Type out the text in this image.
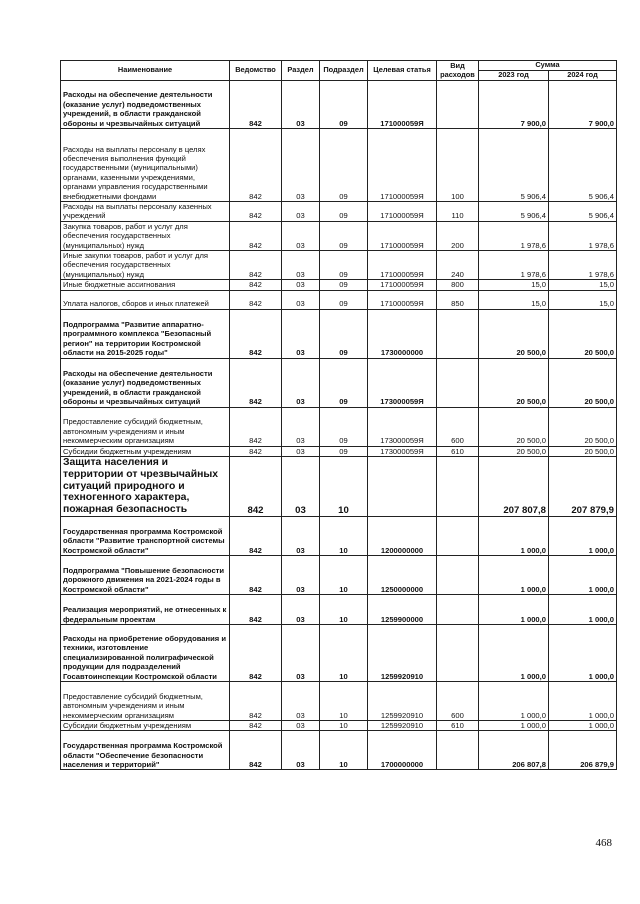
Наименование	Ведомство	Раздел	Подраздел	Целевая статья	Вид расходов	Сумма	
						2023 год	2024 год
Расходы на обеспечение деятельности (оказание услуг) подведомственных учреждений, в области гражданской обороны и чрезвычайных ситуаций	842	03	09	171000059Я		7 900,0	7 900,0
Расходы на выплаты персоналу в целях обеспечения выполнения функций государственными (муниципальными) органами, казенными учреждениями, органами управления государственными внебюджетными фондами	842	03	09	171000059Я	100	5 906,4	5 906,4
Расходы на выплаты персоналу казенных учреждений	842	03	09	171000059Я	110	5 906,4	5 906,4
Закупка товаров, работ и услуг для обеспечения государственных (муниципальных) нужд	842	03	09	171000059Я	200	1 978,6	1 978,6
Иные закупки товаров, работ и услуг для обеспечения государственных (муниципальных) нужд	842	03	09	171000059Я	240	1 978,6	1 978,6
Иные бюджетные ассигнования	842	03	09	171000059Я	800	15,0	15,0
Уплата налогов, сборов и иных платежей	842	03	09	171000059Я	850	15,0	15,0
Подпрограмма "Развитие аппаратно-программного комплекса "Безопасный регион" на территории Костромской области на 2015-2025 годы"	842	03	09	1730000000		20 500,0	20 500,0
Расходы на обеспечение деятельности (оказание услуг) подведомственных учреждений, в области гражданской обороны и чрезвычайных ситуаций	842	03	09	173000059Я		20 500,0	20 500,0
Предоставление субсидий бюджетным, автономным учреждениям и иным некоммерческим организациям	842	03	09	173000059Я	600	20 500,0	20 500,0
Субсидии бюджетным учреждениям	842	03	09	173000059Я	610	20 500,0	20 500,0
Защита населения и территории от чрезвычайных ситуаций природного и техногенного характера, пожарная безопасность	842	03	10			207 807,8	207 879,9
Государственная программа Костромской области "Развитие транспортной системы Костромской области"	842	03	10	1200000000		1 000,0	1 000,0
Подпрограмма "Повышение безопасности дорожного движения на 2021-2024 годы в Костромской области"	842	03	10	1250000000		1 000,0	1 000,0
Реализация мероприятий, не отнесенных к федеральным проектам	842	03	10	1259900000		1 000,0	1 000,0
Расходы на приобретение оборудования и техники, изготовление специализированной полиграфической продукции для подразделений Госавтоинспекции Костромской области	842	03	10	1259920910		1 000,0	1 000,0
Предоставление субсидий бюджетным, автономным учреждениям и иным некоммерческим организациям	842	03	10	1259920910	600	1 000,0	1 000,0
Субсидии бюджетным учреждениям	842	03	10	1259920910	610	1 000,0	1 000,0
Государственная программа Костромской области "Обеспечение безопасности населения и территорий"	842	03	10	1700000000		206 807,8	206 879,9
468
